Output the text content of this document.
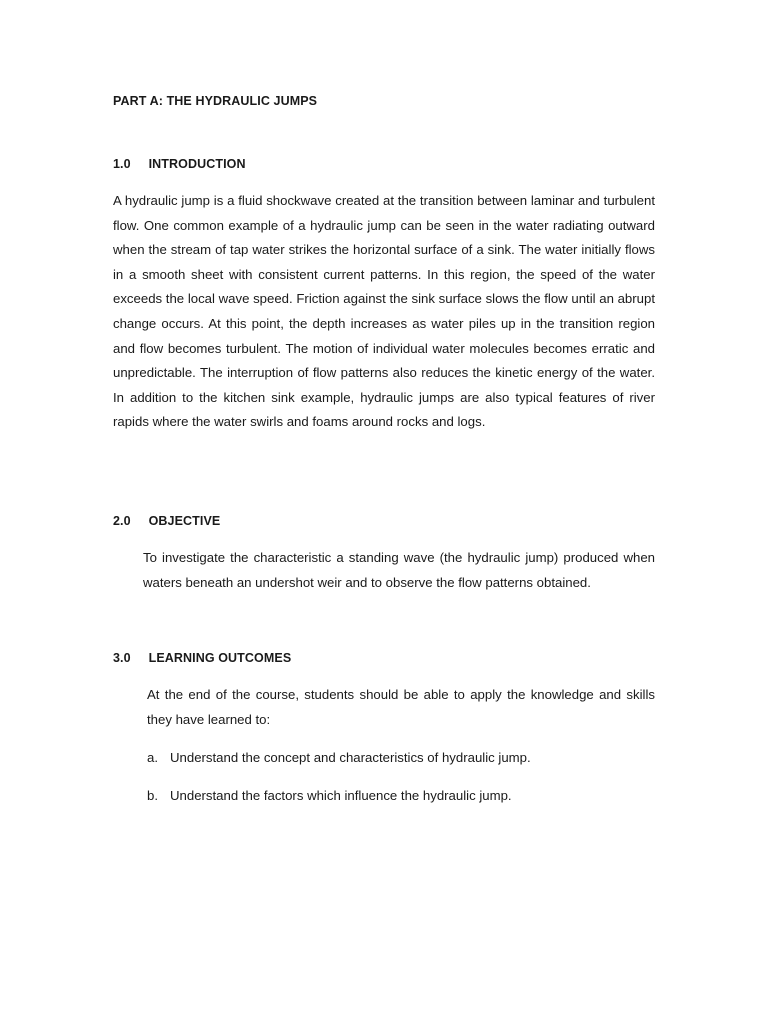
PART A: THE HYDRAULIC JUMPS
1.0 INTRODUCTION

A hydraulic jump is a fluid shockwave created at the transition between laminar and turbulent flow. One common example of a hydraulic jump can be seen in the water radiating outward when the stream of tap water strikes the horizontal surface of a sink. The water initially flows in a smooth sheet with consistent current patterns. In this region, the speed of the water exceeds the local wave speed. Friction against the sink surface slows the flow until an abrupt change occurs. At this point, the depth increases as water piles up in the transition region and flow becomes turbulent. The motion of individual water molecules becomes erratic and unpredictable. The interruption of flow patterns also reduces the kinetic energy of the water. In addition to the kitchen sink example, hydraulic jumps are also typical features of river rapids where the water swirls and foams around rocks and logs.

2.0 OBJECTIVE

To investigate the characteristic a standing wave (the hydraulic jump) produced when waters beneath an undershot weir and to observe the flow patterns obtained.

3.0 LEARNING OUTCOMES

At the end of the course, students should be able to apply the knowledge and skills they have learned to:

a. Understand the concept and characteristics of hydraulic jump.
b. Understand the factors which influence the hydraulic jump.
